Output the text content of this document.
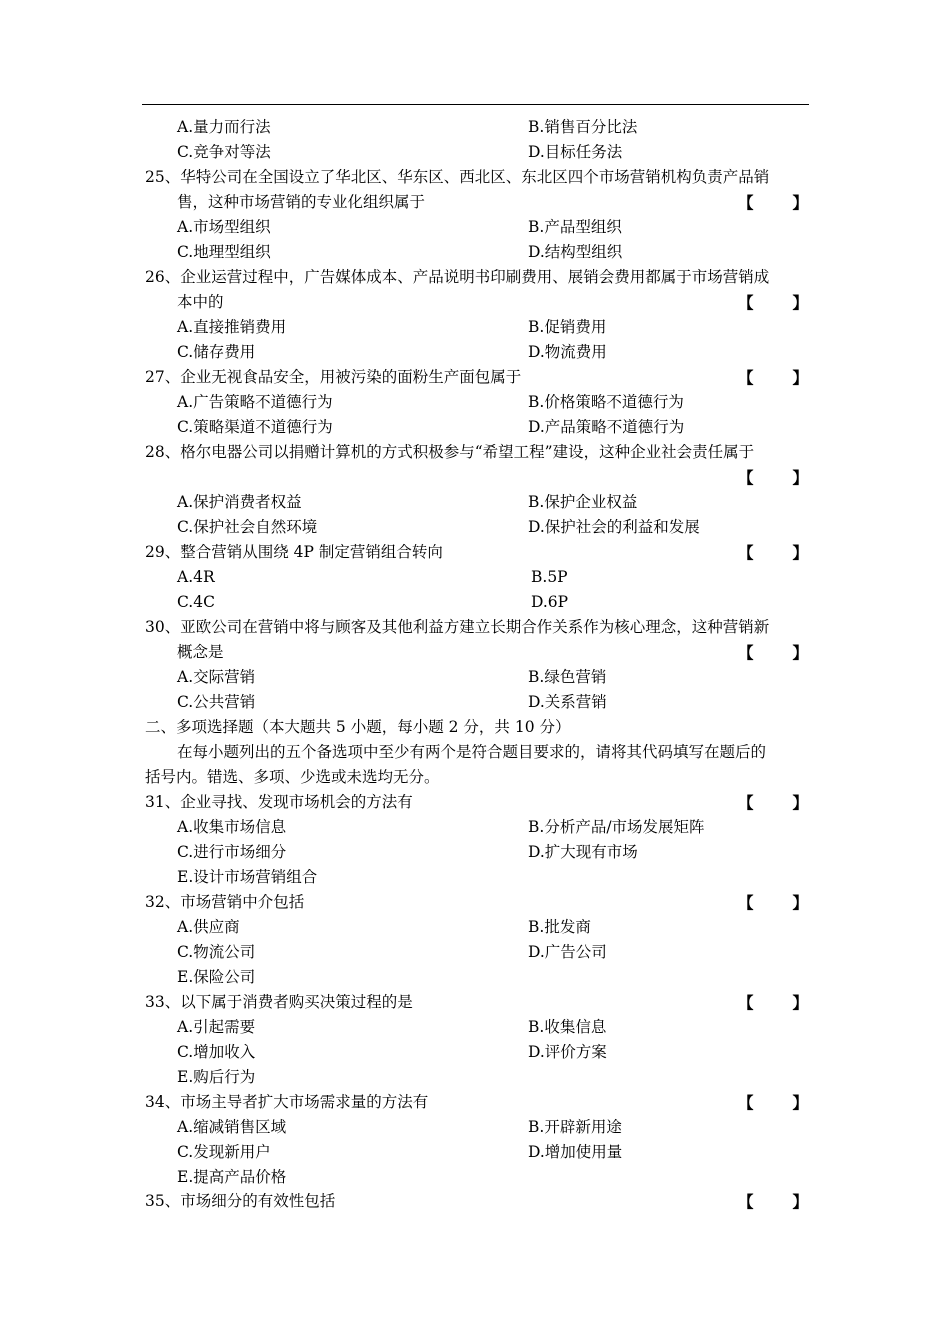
A.量力而行法	B.销售百分比法
C.竞争对等法	D.目标任务法
25、华特公司在全国设立了华北区、华东区、西北区、东北区四个市场营销机构负责产品销
售，这种市场营销的专业化组织属于	【	】
A.市场型组织	B.产品型组织
C.地理型组织	D.结构型组织
26、企业运营过程中，广告媒体成本、产品说明书印刷费用、展销会费用都属于市场营销成
本中的	【	】
A.直接推销费用	B.促销费用
C.储存费用	D.物流费用
27、企业无视食品安全，用被污染的面粉生产面包属于	【	】
A.广告策略不道德行为	B.价格策略不道德行为
C.策略渠道不道德行为	D.产品策略不道德行为
28、格尔电器公司以捐赠计算机的方式积极参与“希望工程”建设，这种企业社会责任属于
【	】
A.保护消费者权益	B.保护企业权益
C.保护社会自然环境	D.保护社会的利益和发展
29、整合营销从围绕 4P 制定营销组合转向	【	】
A.4R	B.5P
C.4C	D.6P
30、亚欧公司在营销中将与顾客及其他利益方建立长期合作关系作为核心理念，这种营销新
概念是	【	】
A.交际营销	B.绿色营销
C.公共营销	D.关系营销
二、多项选择题（本大题共 5 小题，每小题 2 分，共 10 分）
在每小题列出的五个备选项中至少有两个是符合题目要求的，请将其代码填写在题后的
括号内。错选、多项、少选或未选均无分。
31、企业寻找、发现市场机会的方法有	【	】
A.收集市场信息	B.分析产品/市场发展矩阵
C.进行市场细分	D.扩大现有市场
E.设计市场营销组合
32、市场营销中介包括	【	】
A.供应商	B.批发商
C.物流公司	D.广告公司
E.保险公司
33、以下属于消费者购买决策过程的是	【	】
A.引起需要	B.收集信息
C.增加收入	D.评价方案
E.购后行为
34、市场主导者扩大市场需求量的方法有	【	】
A.缩减销售区域	B.开辟新用途
C.发现新用户	D.增加使用量
E.提高产品价格
35、市场细分的有效性包括	【	】
